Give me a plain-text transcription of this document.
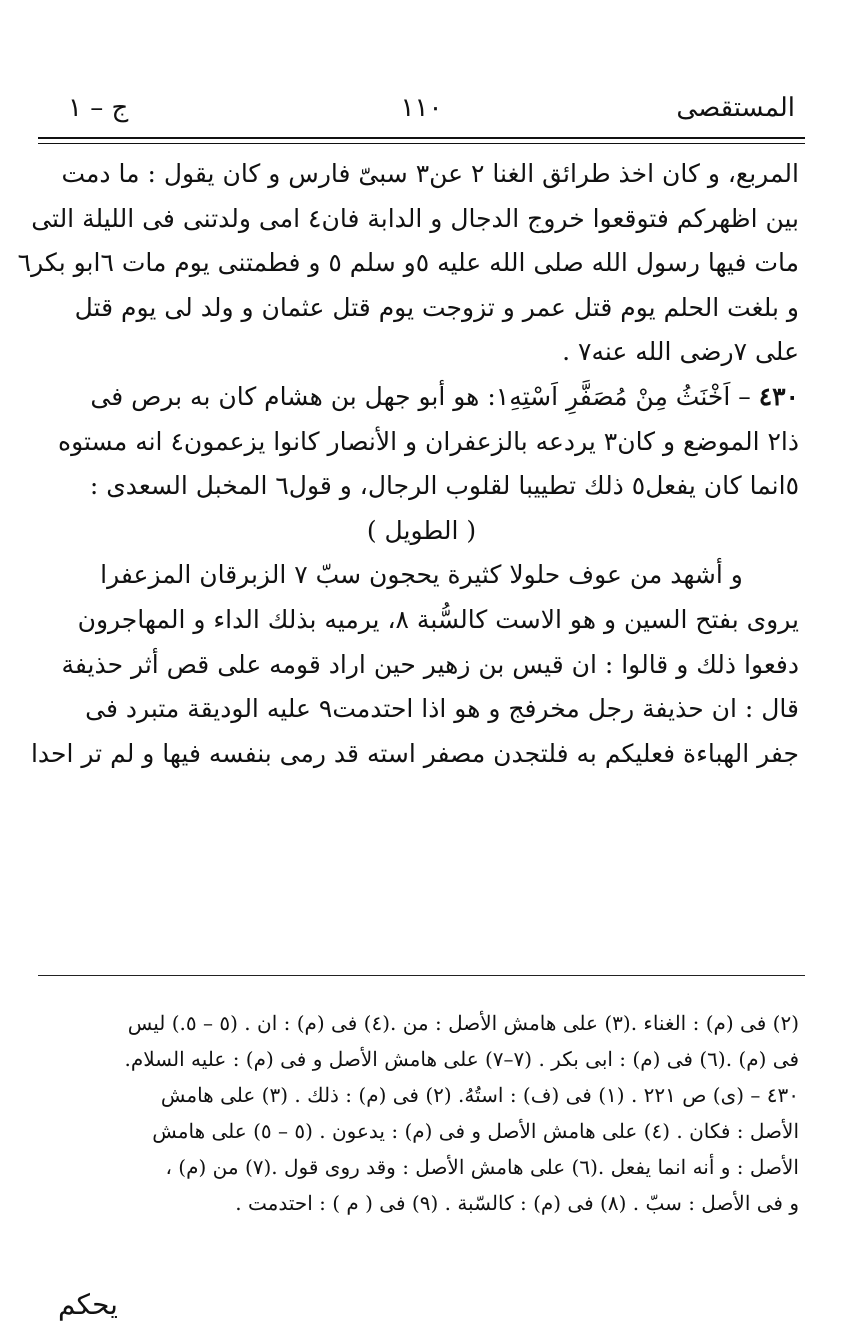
المستقصى
١١٠
ج – ١
المربع، و كان اخذ طرائق الغنا ٢ عن٣ سبىّ فارس و كان يقول : ما دمت
بين اظهركم فتوقعوا خروج الدجال و الدابة فان٤ امى ولدتنى فى الليلة التى
مات فيها رسول الله صلى الله عليه ٥و سلم ٥ و فطمتنى يوم مات ٦ابو بكر٦
و بلغت الحلم يوم قتل عمر و تزوجت يوم قتل عثمان و ولد لى يوم قتل
على ٧رضى الله عنه٧ .
٤٣٠ – اَخْنَثُ مِنْ مُصَفَّرِ اَسْتِهِ١: هو أبو جهل بن هشام كان به برص فى
ذا٢ الموضع و كان٣ يردعه بالزعفران و الأنصار كانوا يزعمون٤ انه مستوه
٥انما كان يفعل٥ ذلك تطييبا لقلوب الرجال، و قول٦ المخبل السعدى :
( الطويل )
و أشهد من عوف حلولا كثيرة يحجون سبّ ٧ الزبرقان المزعفرا
يروى بفتح السين و هو الاست كالسُّبة ٨، يرميه بذلك الداء و المهاجرون
دفعوا ذلك و قالوا : ان قيس بن زهير حين اراد قومه على قص أثر حذيفة
قال : ان حذيفة رجل مخرفج و هو اذا احتدمت٩ عليه الوديقة متبرد فى
جفر الهباءة فعليكم به فلتجدن مصفر استه قد رمى بنفسه فيها و لم تر احدا
(٢) فى (م) : الغناء .(٣) على هامش الأصل : من .(٤) فى (م) : ان . (٥ – ٥.) ليس
فى (م) .(٦) فى (م) : ابى بكر . (٧–٧) على هامش الأصل و فى (م) : عليه السلام.
٤٣٠ – (ى) ص ٢٢١ . (١) فى (ف) : استُهُ. (٢) فى (م) : ذلك . (٣) على هامش
الأصل : فكان . (٤) على هامش الأصل و فى (م) : يدعون . (٥ – ٥) على هامش
الأصل : و أنه انما يفعل .(٦) على هامش الأصل : وقد روى قول .(٧) من (م) ،
و فى الأصل : سبّ . (٨) فى (م) : كالسّبة . (٩) فى ( م ) : احتدمت .
يحكم
